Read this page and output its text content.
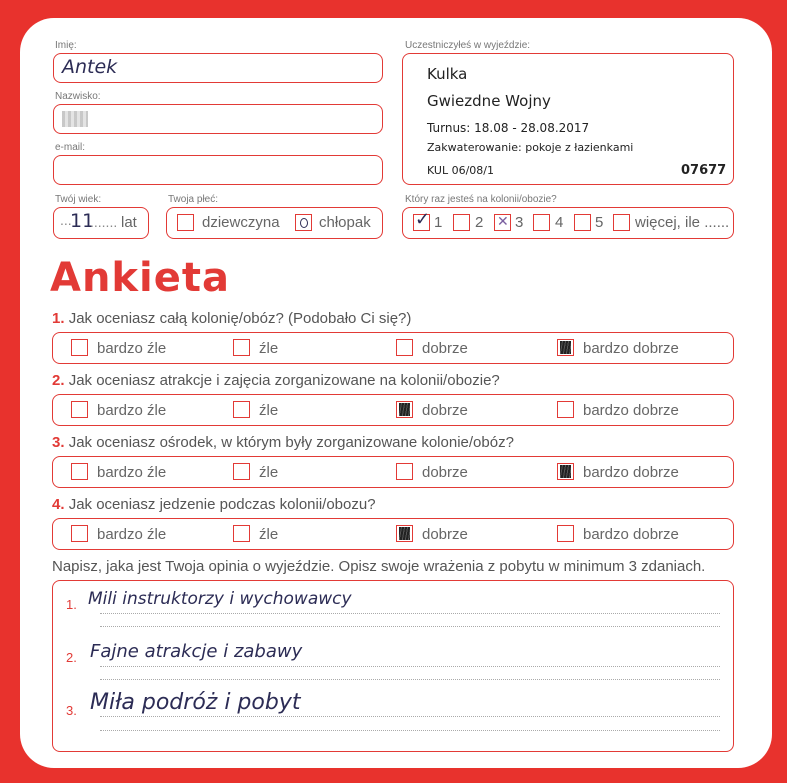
Imię:
Antek
Nazwisko:
e-mail:
Twój wiek:
...
11
....... lat
Twoja płeć:
dziewczyna	chłopak
Uczestniczyłeś w wyjeździe:
Kulka
Gwiezdne Wojny
Turnus: 18.08 - 28.08.2017
Zakwaterowanie: pokoje z łazienkami
KUL 06/08/1	07677
Który raz jesteś na kolonii/obozie?
✓
1 2
✕ 3 4 5 więcej, ile ......
Ankieta
1. Jak oceniasz całą kolonię/obóz? (Podobało Ci się?)
bardzo źle	źle	dobrze	bardzo dobrze
2. Jak oceniasz atrakcje i zajęcia zorganizowane na kolonii/obozie?
bardzo źle	źle	dobrze	bardzo dobrze
3. Jak oceniasz ośrodek, w którym były zorganizowane kolonie/obóz?
bardzo źle	źle	dobrze	bardzo dobrze
4. Jak oceniasz jedzenie podczas kolonii/obozu?
bardzo źle	źle	dobrze	bardzo dobrze
Napisz, jaka jest Twoja opinia o wyjeździe. Opisz swoje wrażenia z pobytu w minimum 3 zdaniach.
1. Mili instruktorzy i wychowawcy
2. Fajne atrakcje i zabawy
3. Miła podróż i pobyt
